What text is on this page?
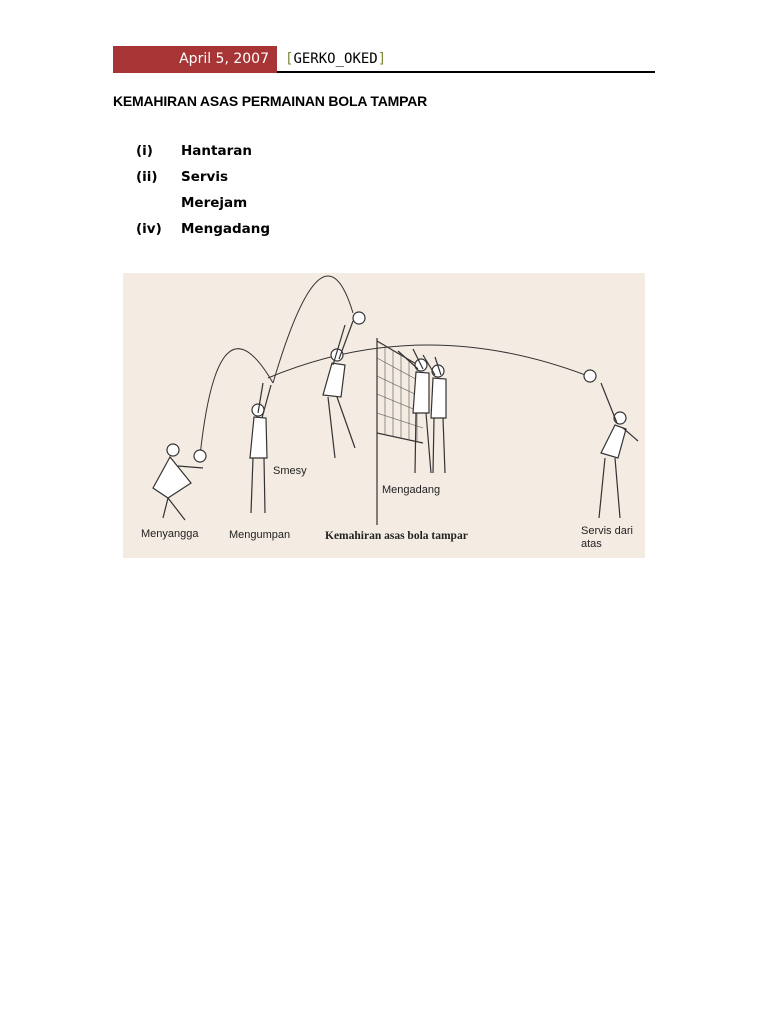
April 5, 2007	[GERKO_OKED]
KEMAHIRAN ASAS PERMAINAN BOLA TAMPAR
(i) Hantaran
(ii) Servis
Merejam
(iv) Mengadang
Smesy
Mengadang
Menyangga	Mengumpan	Kemahiran asas bola tampar	Servis dari
atas
